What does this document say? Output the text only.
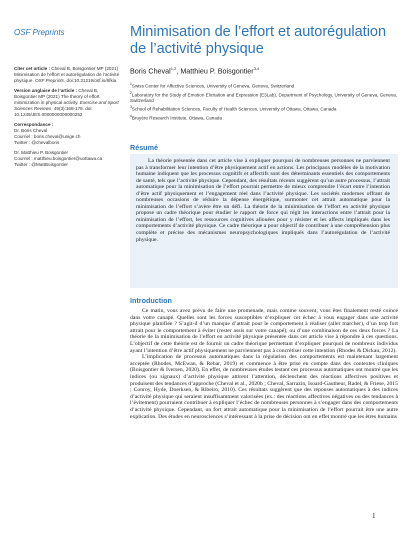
OSF Preprints	Minimisation de l’effort et autorégulation de l’activité physique
Citer cet article : Cheval B, Boisgontier MP (2021) Minimisation de l’effort et autorégulation de l’activité physique. OSF Preprints. doi:10.31219/osf.io/6fkia
Version anglaise de l’article : Cheval B, Boisgontier MP (2021) The theory of effort minimization in physical activity. Exercise and Sport Sciences Reviews. 49(3):168-178. doi: 10.1249/JES.0000000000000252
Correspondance :
Dr. Boris Cheval
Courriel : boris.cheval@unige.ch
Twitter : @chevalboris
Dr. Matthieu P. Boisgontier
Courriel : matthieu.boisgontier@uottawa.ca
Twitter : @MattBoisgontier
Boris Cheval$^{1,2}$, Matthieu P. Boisgontier$^{3,4}$
$^1$Swiss Center for Affective Sciences, University of Geneva, Geneva, Switzerland
$^2$Laboratory for the Study of Emotion Elicitation and Expression (E3Lab), Department of Psychology, University of Geneva, Geneva, Switzerland
$^3$School of Rehabilitation Sciences, Faculty of Health Sciences, University of Ottawa, Ottawa, Canada
$^4$Bruyère Research Institute, Ottawa, Canada
Résumé

La théorie présentée dans cet article vise à expliquer pourquoi de nombreuses personnes ne parviennent pas à transformer leur intention d’être physiquement actif en actions. Les principaux modèles de la motivation humaine indiquent que les processus cognitifs et affectifs sont des déterminants essentiels des comportements de santé, tels que l’activité physique. Cependant, des résultats récents suggèrent qu’un autre processus, l’attrait automatique pour la minimisation de l’effort pourrait permettre de mieux comprendre l’écart entre l’intention d’être actif physiquement et l’engagement réel dans l’activité physique. Les sociétés modernes offrant de nombreuses occasions de réduire la dépense énergétique, surmonter cet attrait automatique pour la minimisation de l’effort s’avère être un défi. La théorie de la minimisation de l’effort en activité physique propose un cadre théorique pour étudier le rapport de force qui régit les interactions entre l’attrait pour la minimisation de l’effort, les ressources cognitives allouées pour y résister et les affects impliqués dans les comportements d’activité physique. Ce cadre théorique a pour objectif de contribuer à une compréhension plus complète et précise des mécanismes neuropsychologiques impliqués dans l’autorégulation de l’activité physique.

Introduction

Ce matin, vous avez prévu de faire une promenade, mais comme souvent, vous êtes finalement resté coincé dans votre canapé. Quelles sont les forces susceptibles d’expliquer cet échec à vous engager dans une activité physique planifiée ? S’agit-il d’un manque d’attrait pour le comportement à réaliser (aller marcher), d’un trop fort attrait pour le comportement à éviter (rester assis sur votre canapé), ou d’une combinaison de ces deux forces ? La théorie de la minimisation de l’effort en activité physique présentée dans cet article vise à répondre à ces questions. L’objectif de cette théorie est de fournir un cadre théorique permettant d’expliquer pourquoi de nombreux individus ayant l’intention d’être actif physiquement ne parviennent pas à concrétiser cette intention (Rhodes & Dickau, 2012).

L’implication de processus automatiques dans la régulation des comportements est maintenant largement acceptée (Rhodes, McEwan, & Rebar, 2019) et commence à être prise en compte dans des contextes cliniques (Boisgontier & Iversen, 2020). En effet, de nombreuses études testant ces processus automatiques ont montré que les indices (ou signaux) d’activité physique attirent l’attention, déclenchent des réactions affectives positives et produisent des tendances d’approche (Cheval et al., 2020b ; Cheval, Sarrazin, Isoard-Gautheur, Radel, & Friese, 2015 ; Conroy, Hyde, Doerksen, & Ribeiro, 2010). Ces résultats suggèrent que des réponses automatiques à des indices d’activité physique qui seraient insuffisamment valorisées (ex.: des réactions affectives négatives ou des tendances à l’évitement) pourraient contribuer à expliquer l’échec de nombreuses personnes à s’engager dans des comportements d’activité physique. Cependant, un fort attrait automatique pour la minimisation de l’effort pourrait être une autre explication. Des études en neurosciences s’intéressant à la prise de décision ont en effet montré que les êtres humains

1
